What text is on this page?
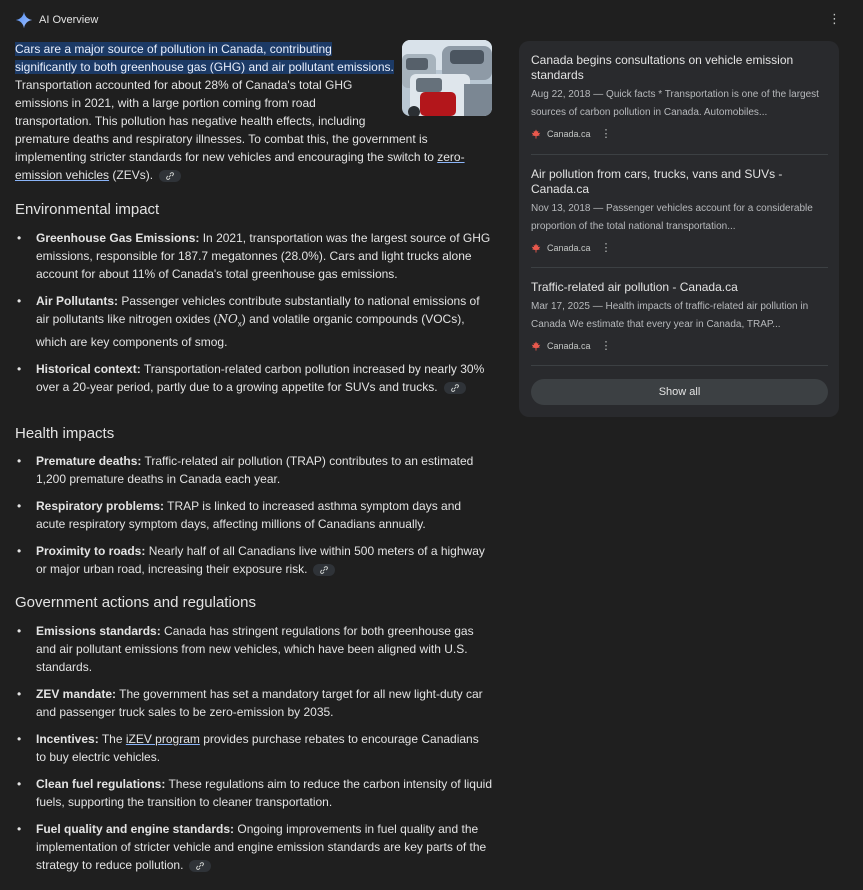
AI Overview	⋮
Cars are a major source of pollution in Canada, contributing significantly to both greenhouse gas (GHG) and air pollutant emissions. Transportation accounted for about 28% of Canada's total GHG emissions in 2021, with a large portion coming from road transportation. This pollution has negative health effects, including premature deaths and respiratory illnesses. To combat this, the government is implementing stricter standards for new vehicles and encouraging the switch to zero-emission vehicles (ZEVs).
Environmental impact
• Greenhouse Gas Emissions: In 2021, transportation was the largest source of GHG emissions, responsible for 187.7 megatonnes (28.0%). Cars and light trucks alone account for about 11% of Canada's total greenhouse gas emissions.
• Air Pollutants: Passenger vehicles contribute substantially to national emissions of air pollutants like nitrogen oxides $(NO_x)$ and volatile organic compounds (VOCs), which are key components of smog.
• Historical context: Transportation-related carbon pollution increased by nearly 30% over a 20-year period, partly due to a growing appetite for SUVs and trucks.
Health impacts
• Premature deaths: Traffic-related air pollution (TRAP) contributes to an estimated 1,200 premature deaths in Canada each year.
• Respiratory problems: TRAP is linked to increased asthma symptom days and acute respiratory symptom days, affecting millions of Canadians annually.
• Proximity to roads: Nearly half of all Canadians live within 500 meters of a highway or major urban road, increasing their exposure risk.
Government actions and regulations
• Emissions standards: Canada has stringent regulations for both greenhouse gas and air pollutant emissions from new vehicles, which have been aligned with U.S. standards.
• ZEV mandate: The government has set a mandatory target for all new light-duty car and passenger truck sales to be zero-emission by 2035.
• Incentives: The iZEV program provides purchase rebates to encourage Canadians to buy electric vehicles.
• Clean fuel regulations: These regulations aim to reduce the carbon intensity of liquid fuels, supporting the transition to cleaner transportation.
• Fuel quality and engine standards: Ongoing improvements in fuel quality and the implementation of stricter vehicle and engine emission standards are key parts of the strategy to reduce pollution.
Canada begins consultations on vehicle emission standards
Aug 22, 2018 — Quick facts * Transportation is one of the largest sources of carbon pollution in Canada. Automobiles...
Canada.ca ⋮
Air pollution from cars, trucks, vans and SUVs - Canada.ca
Nov 13, 2018 — Passenger vehicles account for a considerable proportion of the total national transportation...
Canada.ca ⋮
Traffic-related air pollution - Canada.ca
Mar 17, 2025 — Health impacts of traffic-related air pollution in Canada We estimate that every year in Canada, TRAP...
Canada.ca ⋮
Show all
